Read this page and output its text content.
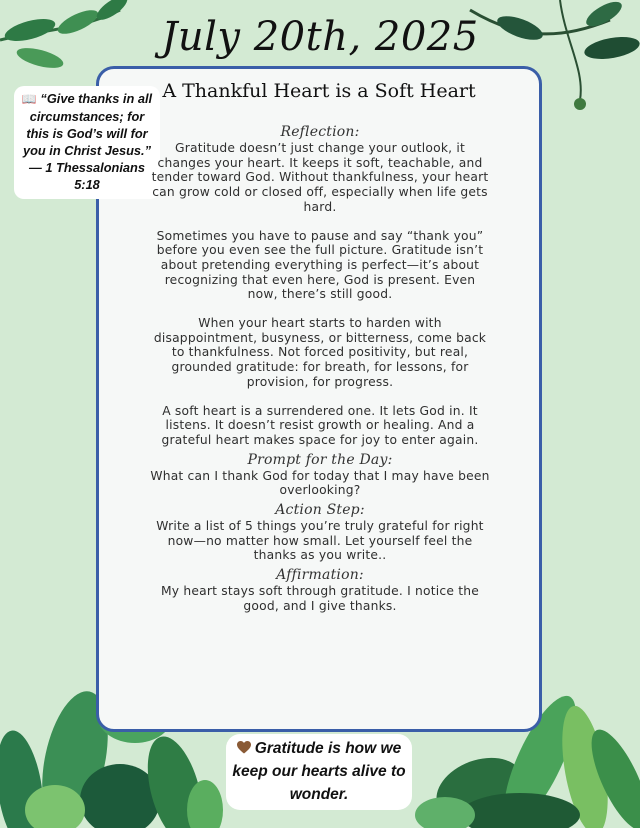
July 20th, 2025
A Thankful Heart is a Soft Heart
📖 “Give thanks in all circumstances; for this is God’s will for you in Christ Jesus.” — 1 Thessalonians 5:18
Reflection:

Gratitude doesn’t just change your outlook, it changes your heart. It keeps it soft, teachable, and tender toward God. Without thankfulness, your heart can grow cold or closed off, especially when life gets hard.

Sometimes you have to pause and say “thank you” before you even see the full picture. Gratitude isn’t about pretending everything is perfect—it’s about recognizing that even here, God is present. Even now, there’s still good.

When your heart starts to harden with disappointment, busyness, or bitterness, come back to thankfulness. Not forced positivity, but real, grounded gratitude: for breath, for lessons, for provision, for progress.

A soft heart is a surrendered one. It lets God in. It listens. It doesn’t resist growth or healing. And a grateful heart makes space for joy to enter again.

Prompt for the Day:

What can I thank God for today that I may have been overlooking?

Action Step:

Write a list of 5 things you’re truly grateful for right now—no matter how small. Let yourself feel the thanks as you write..

Affirmation:

My heart stays soft through gratitude. I notice the good, and I give thanks.

Gratitude is how we keep our hearts alive to wonder.
